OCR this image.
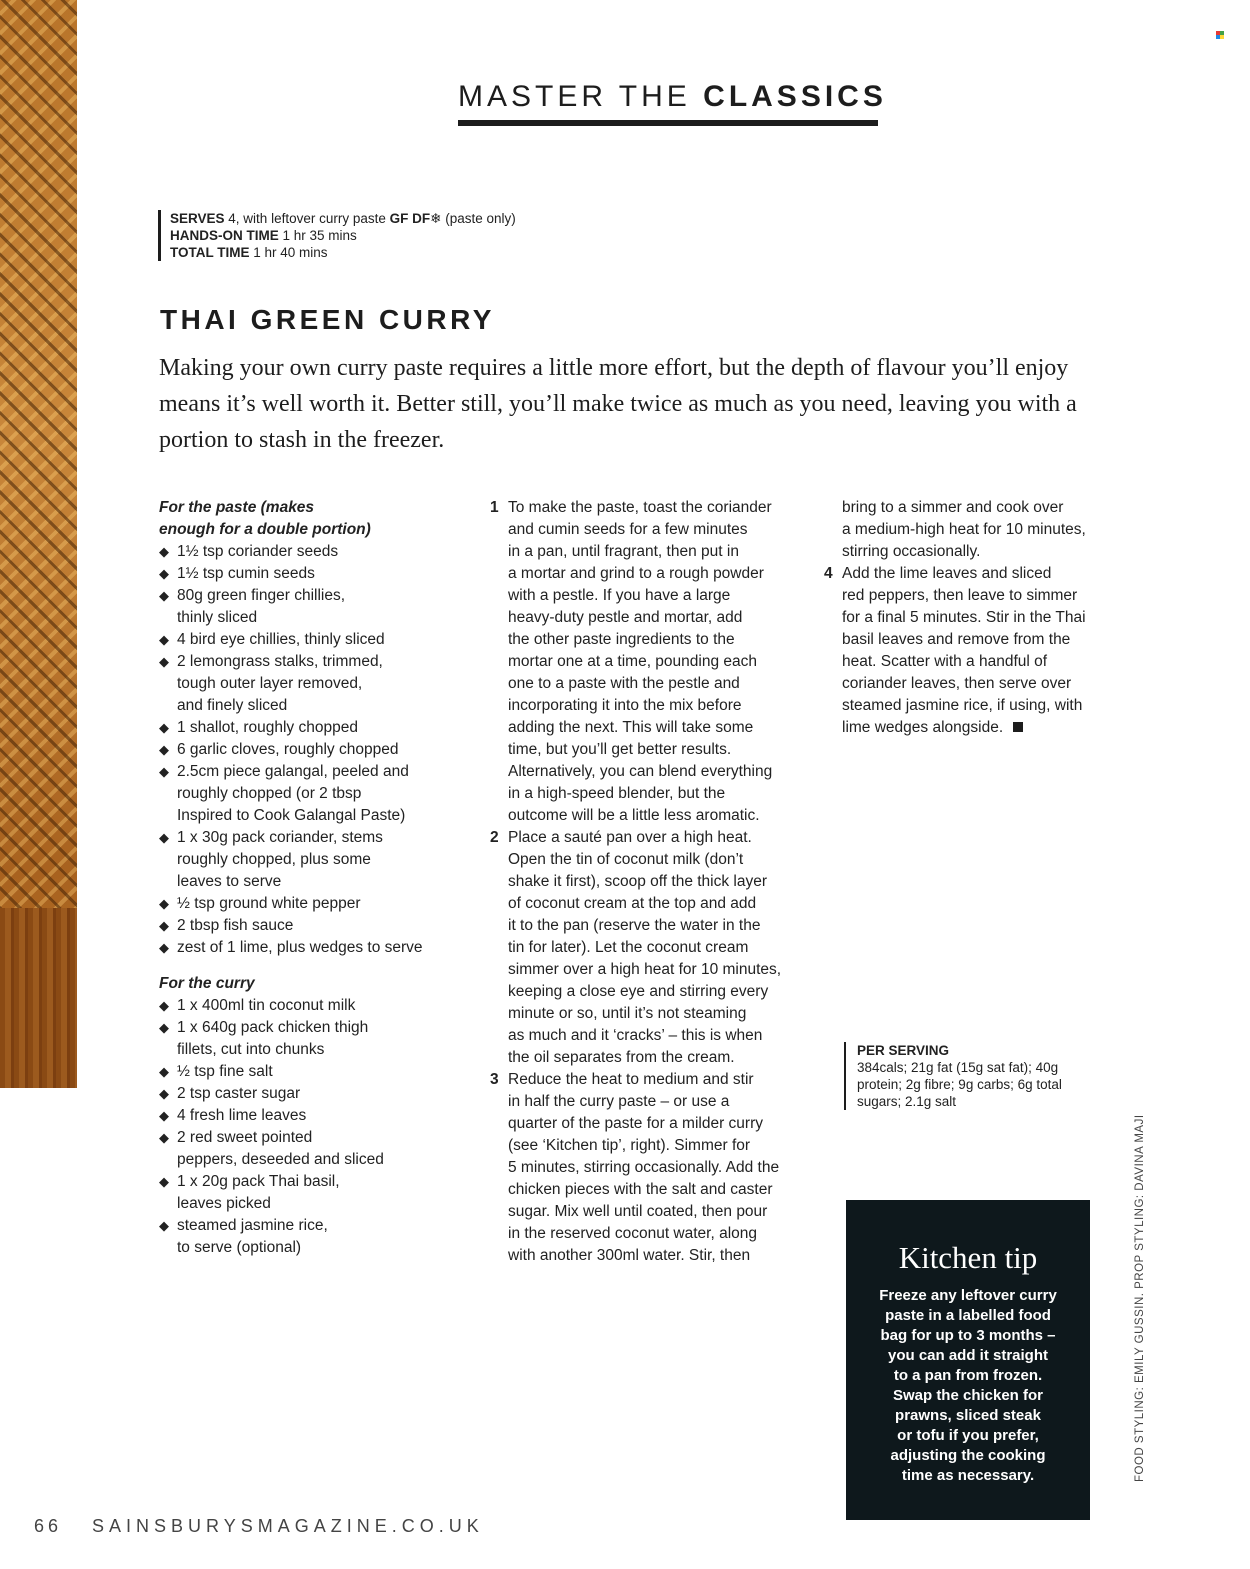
MASTER THE CLASSICS
SERVES 4, with leftover curry paste GF DF❄ (paste only)
HANDS-ON TIME 1 hr 35 mins
TOTAL TIME 1 hr 40 mins
THAI GREEN CURRY
Making your own curry paste requires a little more effort, but the depth of flavour you’ll enjoy means it’s well worth it. Better still, you’ll make twice as much as you need, leaving you with a portion to stash in the freezer.
For the paste (makes
enough for a double portion)
◆ 1½ tsp coriander seeds
◆ 1½ tsp cumin seeds
◆ 80g green finger chillies,
thinly sliced
◆ 4 bird eye chillies, thinly sliced
◆ 2 lemongrass stalks, trimmed,
tough outer layer removed,
and finely sliced
◆ 1 shallot, roughly chopped
◆ 6 garlic cloves, roughly chopped
◆ 2.5cm piece galangal, peeled and
roughly chopped (or 2 tbsp
Inspired to Cook Galangal Paste)
◆ 1 x 30g pack coriander, stems
roughly chopped, plus some
leaves to serve
◆ ½ tsp ground white pepper
◆ 2 tbsp fish sauce
◆ zest of 1 lime, plus wedges to serve
For the curry
◆ 1 x 400ml tin coconut milk
◆ 1 x 640g pack chicken thigh
fillets, cut into chunks
◆ ½ tsp fine salt
◆ 2 tsp caster sugar
◆ 4 fresh lime leaves
◆ 2 red sweet pointed
peppers, deseeded and sliced
◆ 1 x 20g pack Thai basil,
leaves picked
◆ steamed jasmine rice,
to serve (optional)
1 To make the paste, toast the coriander
and cumin seeds for a few minutes
in a pan, until fragrant, then put in
a mortar and grind to a rough powder
with a pestle. If you have a large
heavy-duty pestle and mortar, add
the other paste ingredients to the
mortar one at a time, pounding each
one to a paste with the pestle and
incorporating it into the mix before
adding the next. This will take some
time, but you’ll get better results.
Alternatively, you can blend everything
in a high-speed blender, but the
outcome will be a little less aromatic.
2 Place a sauté pan over a high heat.
Open the tin of coconut milk (don’t
shake it first), scoop off the thick layer
of coconut cream at the top and add
it to the pan (reserve the water in the
tin for later). Let the coconut cream
simmer over a high heat for 10 minutes,
keeping a close eye and stirring every
minute or so, until it’s not steaming
as much and it ‘cracks’ – this is when
the oil separates from the cream.
3 Reduce the heat to medium and stir
in half the curry paste – or use a
quarter of the paste for a milder curry
(see ‘Kitchen tip’, right). Simmer for
5 minutes, stirring occasionally. Add the
chicken pieces with the salt and caster
sugar. Mix well until coated, then pour
in the reserved coconut water, along
with another 300ml water. Stir, then
bring to a simmer and cook over
a medium-high heat for 10 minutes,
stirring occasionally.
4 Add the lime leaves and sliced
red peppers, then leave to simmer
for a final 5 minutes. Stir in the Thai
basil leaves and remove from the
heat. Scatter with a handful of
coriander leaves, then serve over
steamed jasmine rice, if using, with
lime wedges alongside.
PER SERVING
384cals; 21g fat (15g sat fat); 40g protein; 2g fibre; 9g carbs; 6g total sugars; 2.1g salt
Kitchen tip
Freeze any leftover curry
paste in a labelled food
bag for up to 3 months –
you can add it straight
to a pan from frozen.
Swap the chicken for
prawns, sliced steak
or tofu if you prefer,
adjusting the cooking
time as necessary.	FOOD STYLING: EMILY GUSSIN. PROP STYLING: DAVINA MAJI
66 SAINSBURYSMAGAZINE.CO.UK
